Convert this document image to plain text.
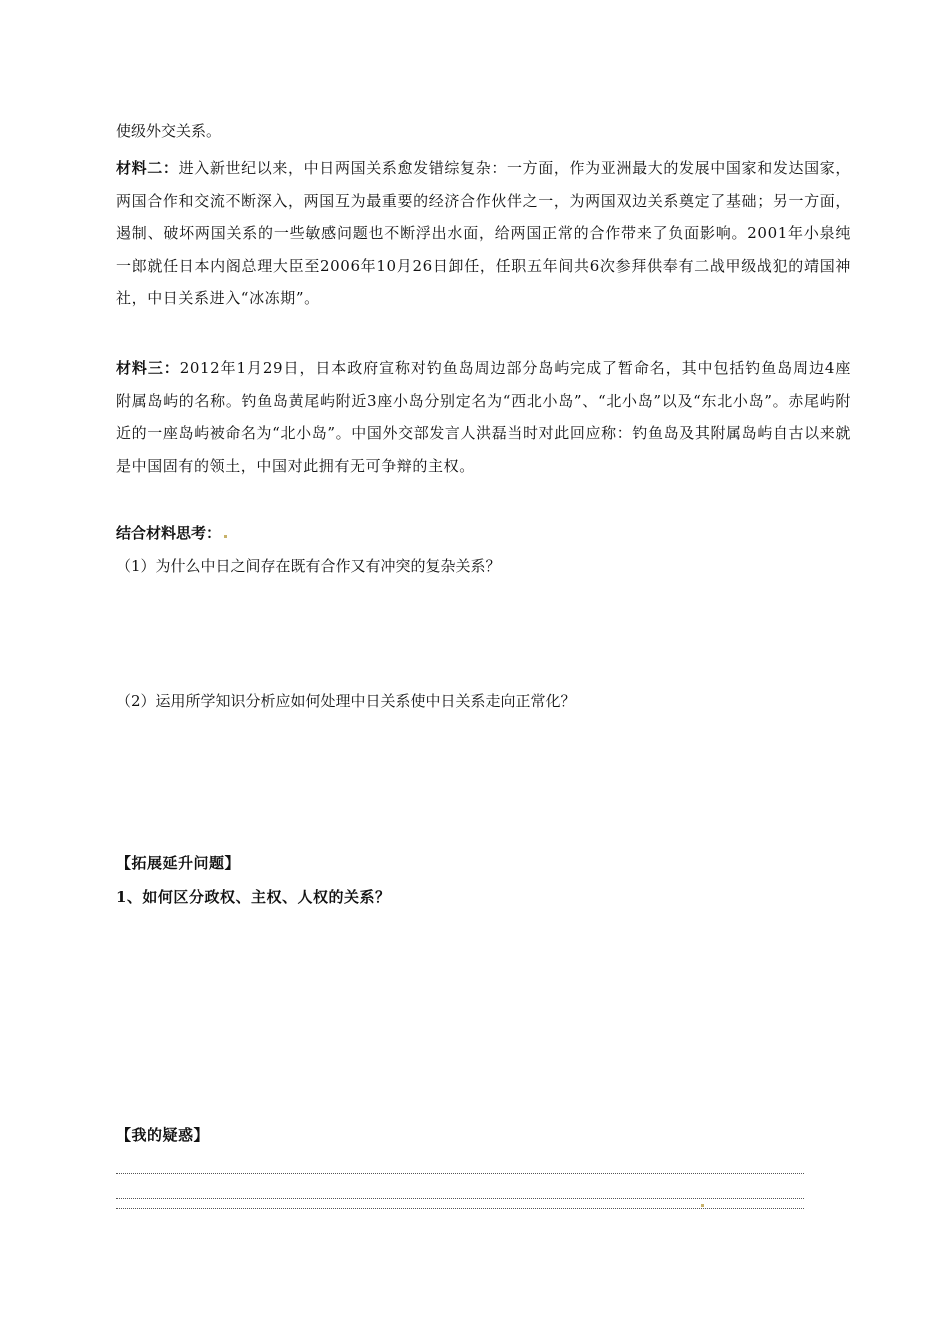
使级外交关系。
材料二：进入新世纪以来，中日两国关系愈发错综复杂：一方面，作为亚洲最大的发展中国家和发达国家，两国合作和交流不断深入，两国互为最重要的经济合作伙伴之一，为两国双边关系奠定了基础；另一方面，遏制、破坏两国关系的一些敏感问题也不断浮出水面，给两国正常的合作带来了负面影响。2001年小泉纯一郎就任日本内阁总理大臣至2006年10月26日卸任，任职五年间共6次参拜供奉有二战甲级战犯的靖国神社，中日关系进入“冰冻期”。
材料三：2012年1月29日，日本政府宣称对钓鱼岛周边部分岛屿完成了暂命名，其中包括钓鱼岛周边4座附属岛屿的名称。钓鱼岛黄尾屿附近3座小岛分别定名为“西北小岛”、“北小岛”以及“东北小岛”。赤尾屿附近的一座岛屿被命名为“北小岛”。中国外交部发言人洪磊当时对此回应称：钓鱼岛及其附属岛屿自古以来就是中国固有的领土，中国对此拥有无可争辩的主权。
结合材料思考：
（1）为什么中日之间存在既有合作又有冲突的复杂关系？
（2）运用所学知识分析应如何处理中日关系使中日关系走向正常化？
【拓展延升问题】
1、如何区分政权、主权、人权的关系？
【我的疑惑】
